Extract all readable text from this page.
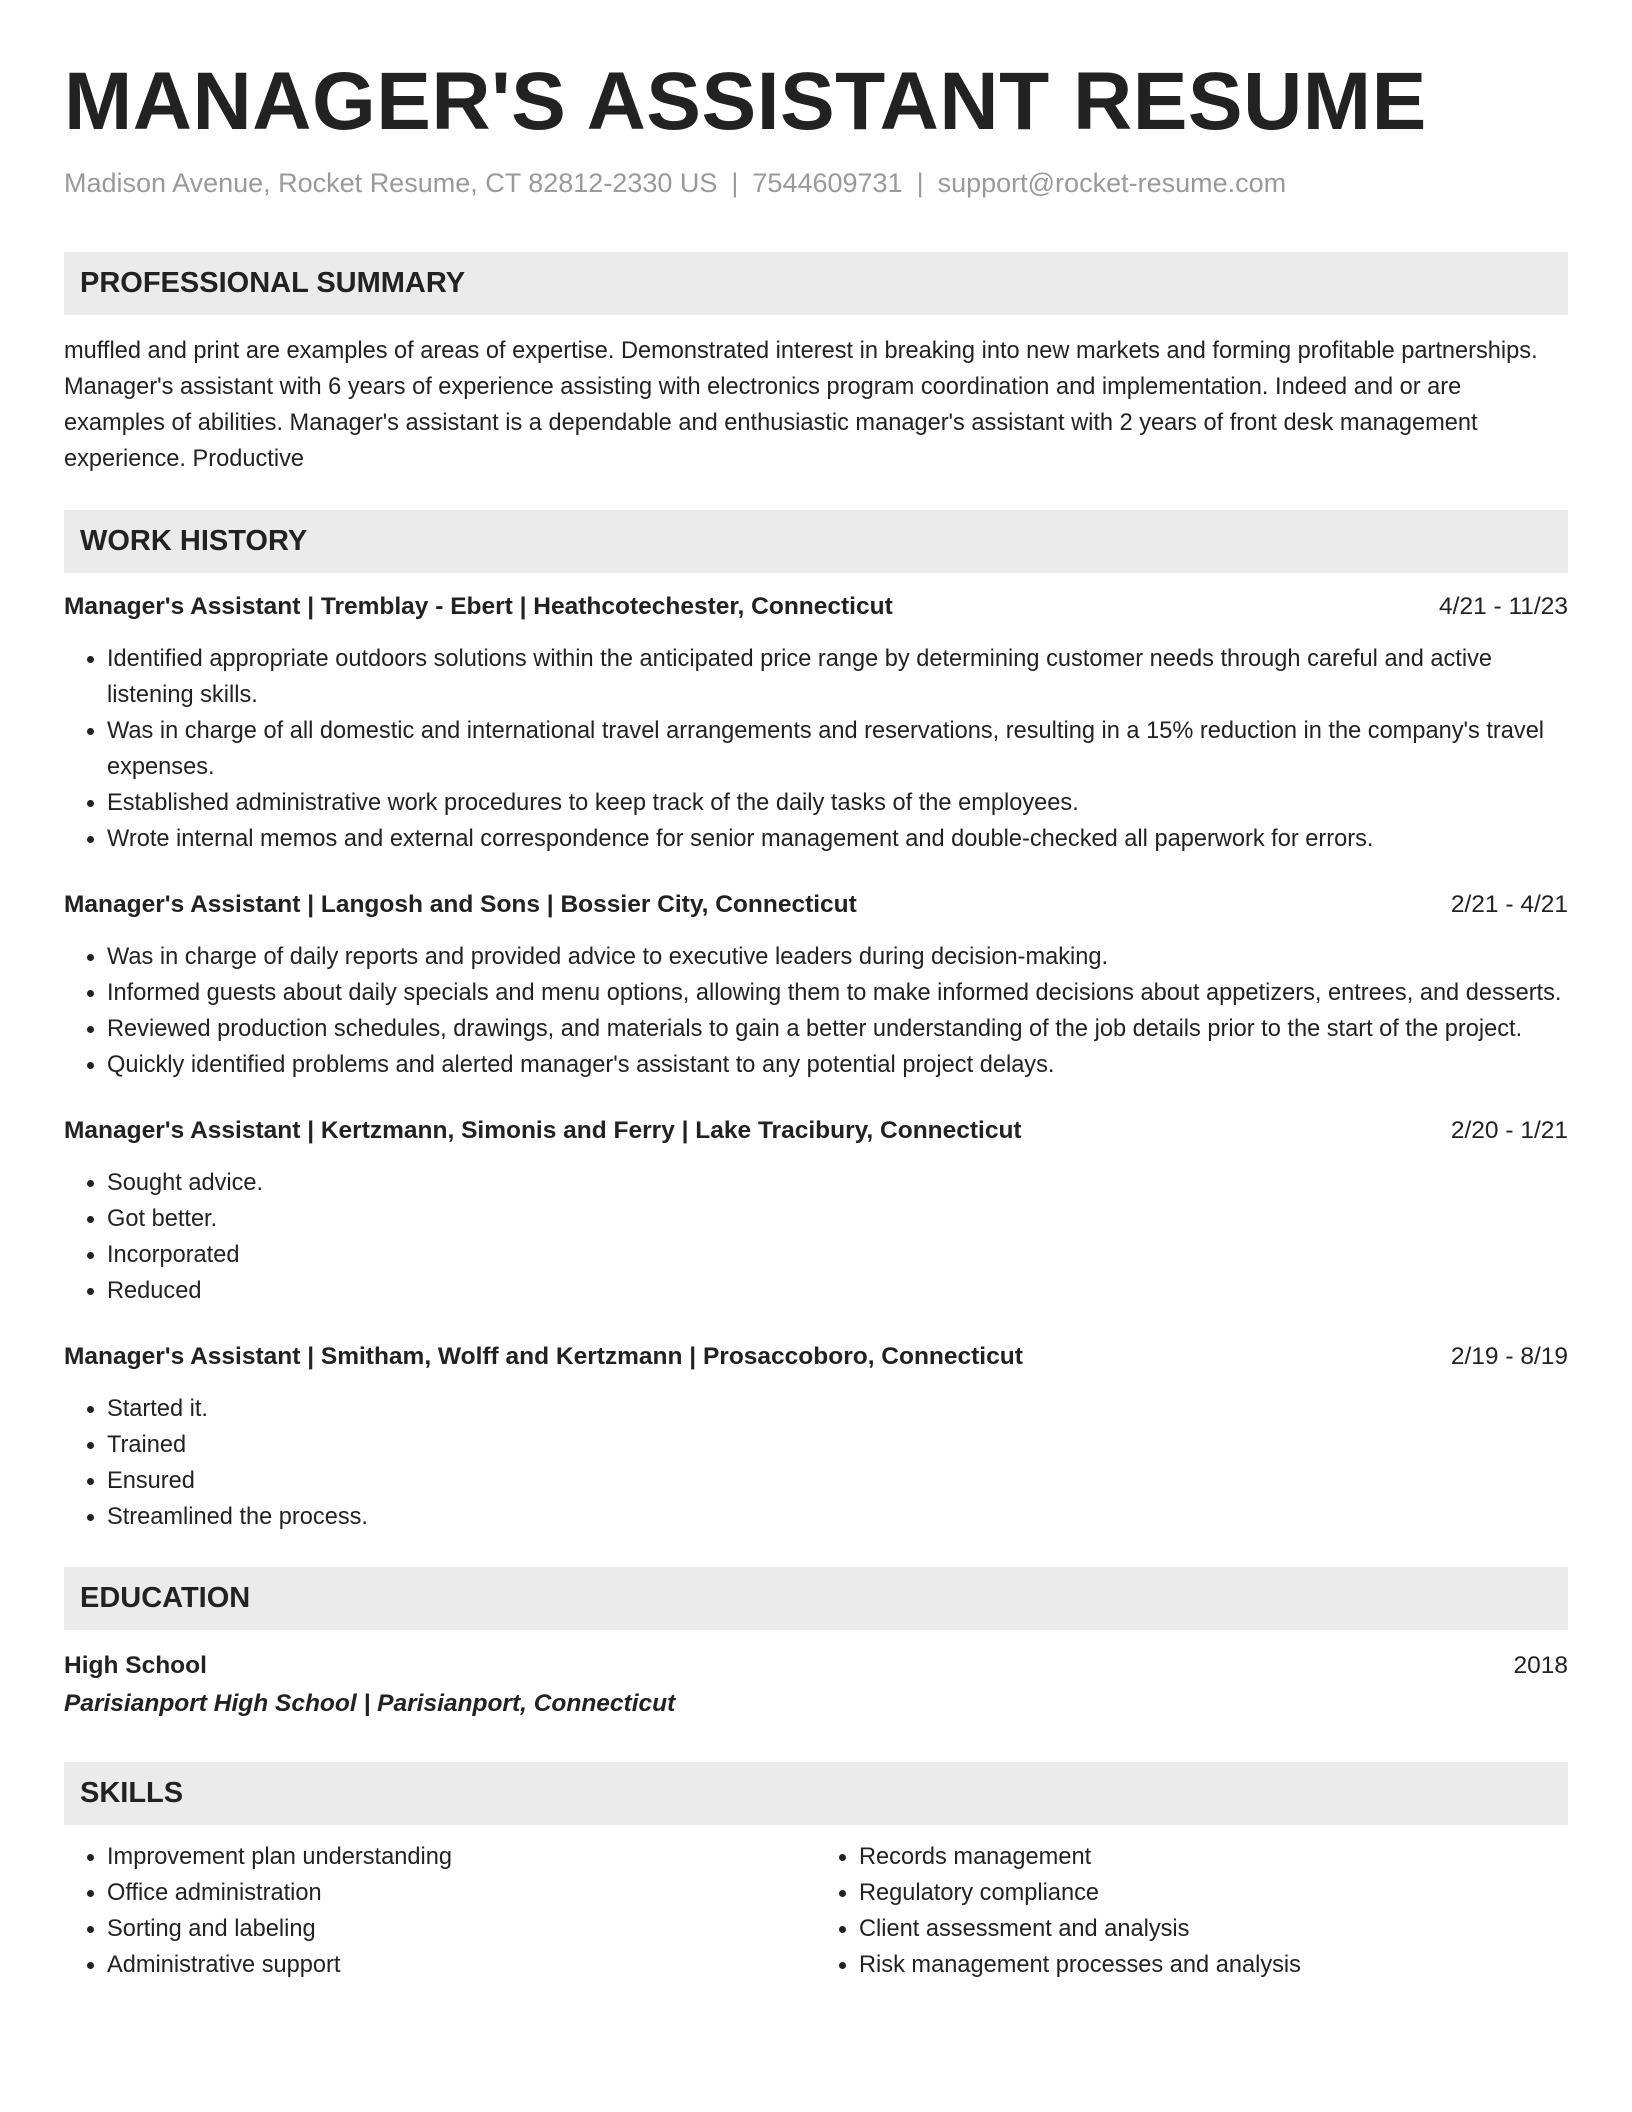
MANAGER'S ASSISTANT RESUME
Madison Avenue, Rocket Resume, CT 82812-2330 US | 7544609731 | support@rocket-resume.com
PROFESSIONAL SUMMARY
muffled and print are examples of areas of expertise. Demonstrated interest in breaking into new markets and forming profitable partnerships. Manager's assistant with 6 years of experience assisting with electronics program coordination and implementation. Indeed and or are examples of abilities. Manager's assistant is a dependable and enthusiastic manager's assistant with 2 years of front desk management experience. Productive
WORK HISTORY
Manager's Assistant | Tremblay - Ebert | Heathcotechester, Connecticut	4/21 - 11/23
• Identified appropriate outdoors solutions within the anticipated price range by determining customer needs through careful and active listening skills.
• Was in charge of all domestic and international travel arrangements and reservations, resulting in a 15% reduction in the company's travel expenses.
• Established administrative work procedures to keep track of the daily tasks of the employees.
• Wrote internal memos and external correspondence for senior management and double-checked all paperwork for errors.
Manager's Assistant | Langosh and Sons | Bossier City, Connecticut	2/21 - 4/21
• Was in charge of daily reports and provided advice to executive leaders during decision-making.
• Informed guests about daily specials and menu options, allowing them to make informed decisions about appetizers, entrees, and desserts.
• Reviewed production schedules, drawings, and materials to gain a better understanding of the job details prior to the start of the project.
• Quickly identified problems and alerted manager's assistant to any potential project delays.
Manager's Assistant | Kertzmann, Simonis and Ferry | Lake Tracibury, Connecticut	2/20 - 1/21
• Sought advice.
• Got better.
• Incorporated
• Reduced
Manager's Assistant | Smitham, Wolff and Kertzmann | Prosaccoboro, Connecticut	2/19 - 8/19
• Started it.
• Trained
• Ensured
• Streamlined the process.
EDUCATION
High School	2018
Parisianport High School | Parisianport, Connecticut
SKILLS
• Improvement plan understanding
• Office administration
• Sorting and labeling
• Administrative support
• Records management
• Regulatory compliance
• Client assessment and analysis
• Risk management processes and analysis
